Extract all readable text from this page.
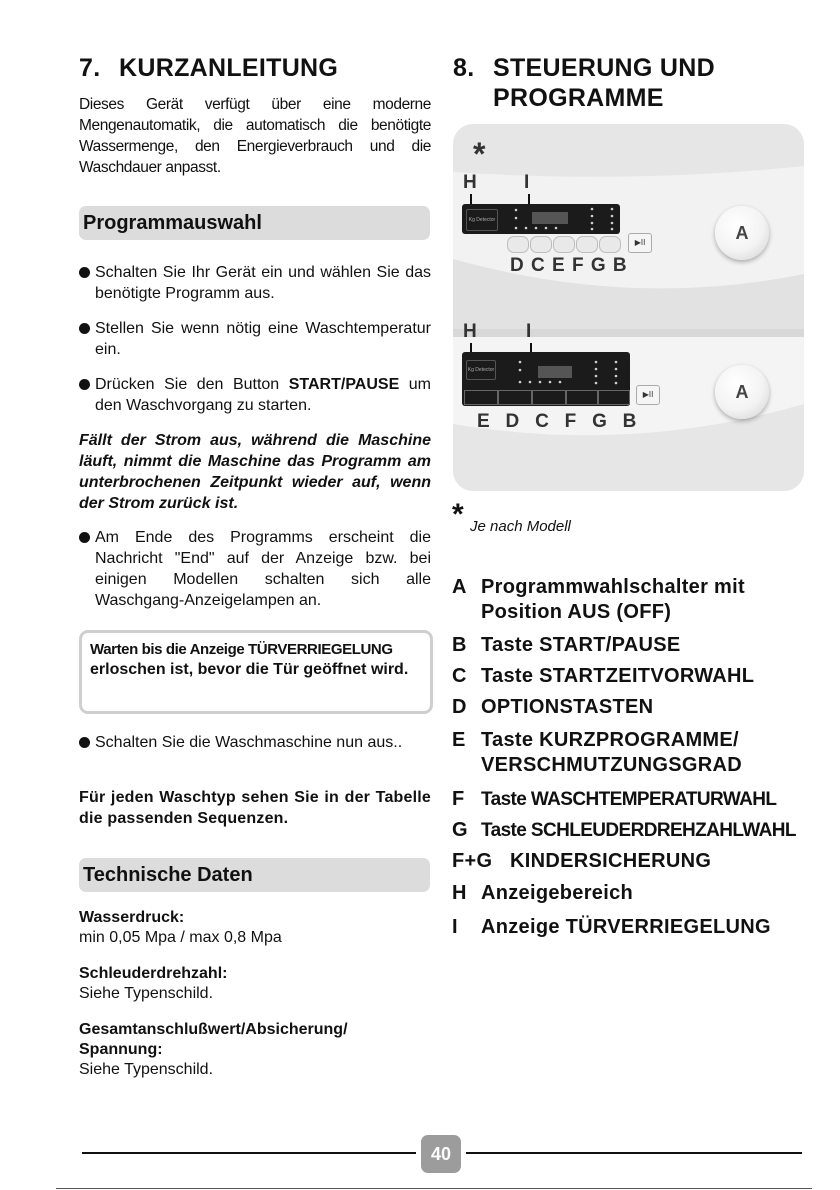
7. KURZANLEITUNG
Dieses Gerät verfügt über eine moderne Mengenautomatik, die automatisch die benötigte Wassermenge, den Energieverbrauch und die Waschdauer anpasst.
Programmauswahl
Schalten Sie Ihr Gerät ein und wählen Sie das benötigte Programm aus.
Stellen Sie wenn nötig eine Waschtemperatur ein.
Drücken Sie den Button START/PAUSE um den Waschvorgang zu starten.
Fällt der Strom aus, während die Maschine läuft, nimmt die Maschine das Programm am unterbrochenen Zeitpunkt wieder auf, wenn der Strom zurück ist.
Am Ende des Programms erscheint die Nachricht "End" auf der Anzeige bzw. bei einigen Modellen schalten sich alle Waschgang-Anzeigelampen an.
Warten bis die Anzeige TÜRVERRIEGELUNG
erloschen ist, bevor die Tür geöffnet wird.
Schalten Sie die Waschmaschine nun aus..
Für jeden Waschtyp sehen Sie in der Tabelle die passenden Sequenzen.
Technische Daten
Wasserdruck:
min 0,05 Mpa / max 0,8 Mpa
Schleuderdrehzahl:
Siehe Typenschild.
Gesamtanschlußwert/Absicherung/ Spannung:
Siehe Typenschild.
8. STEUERUNG UND
PROGRAMME
*
H I
Kg Detector
▶II
D C E F G B
A
H	I
Kg Detector
▶II
E   D   C   F   G   B
A
* Je nach Modell
A Programmwahlschalter mit Position AUS (OFF)
B Taste START/PAUSE
C Taste STARTZEITVORWAHL
D OPTIONSTASTEN
E Taste KURZPROGRAMME/ VERSCHMUTZUNGSGRAD
F Taste WASCHTEMPERATURWAHL
G Taste SCHLEUDERDREHZAHLWAHL
F+G KINDERSICHERUNG
H Anzeigebereich
I Anzeige TÜRVERRIEGELUNG
40
